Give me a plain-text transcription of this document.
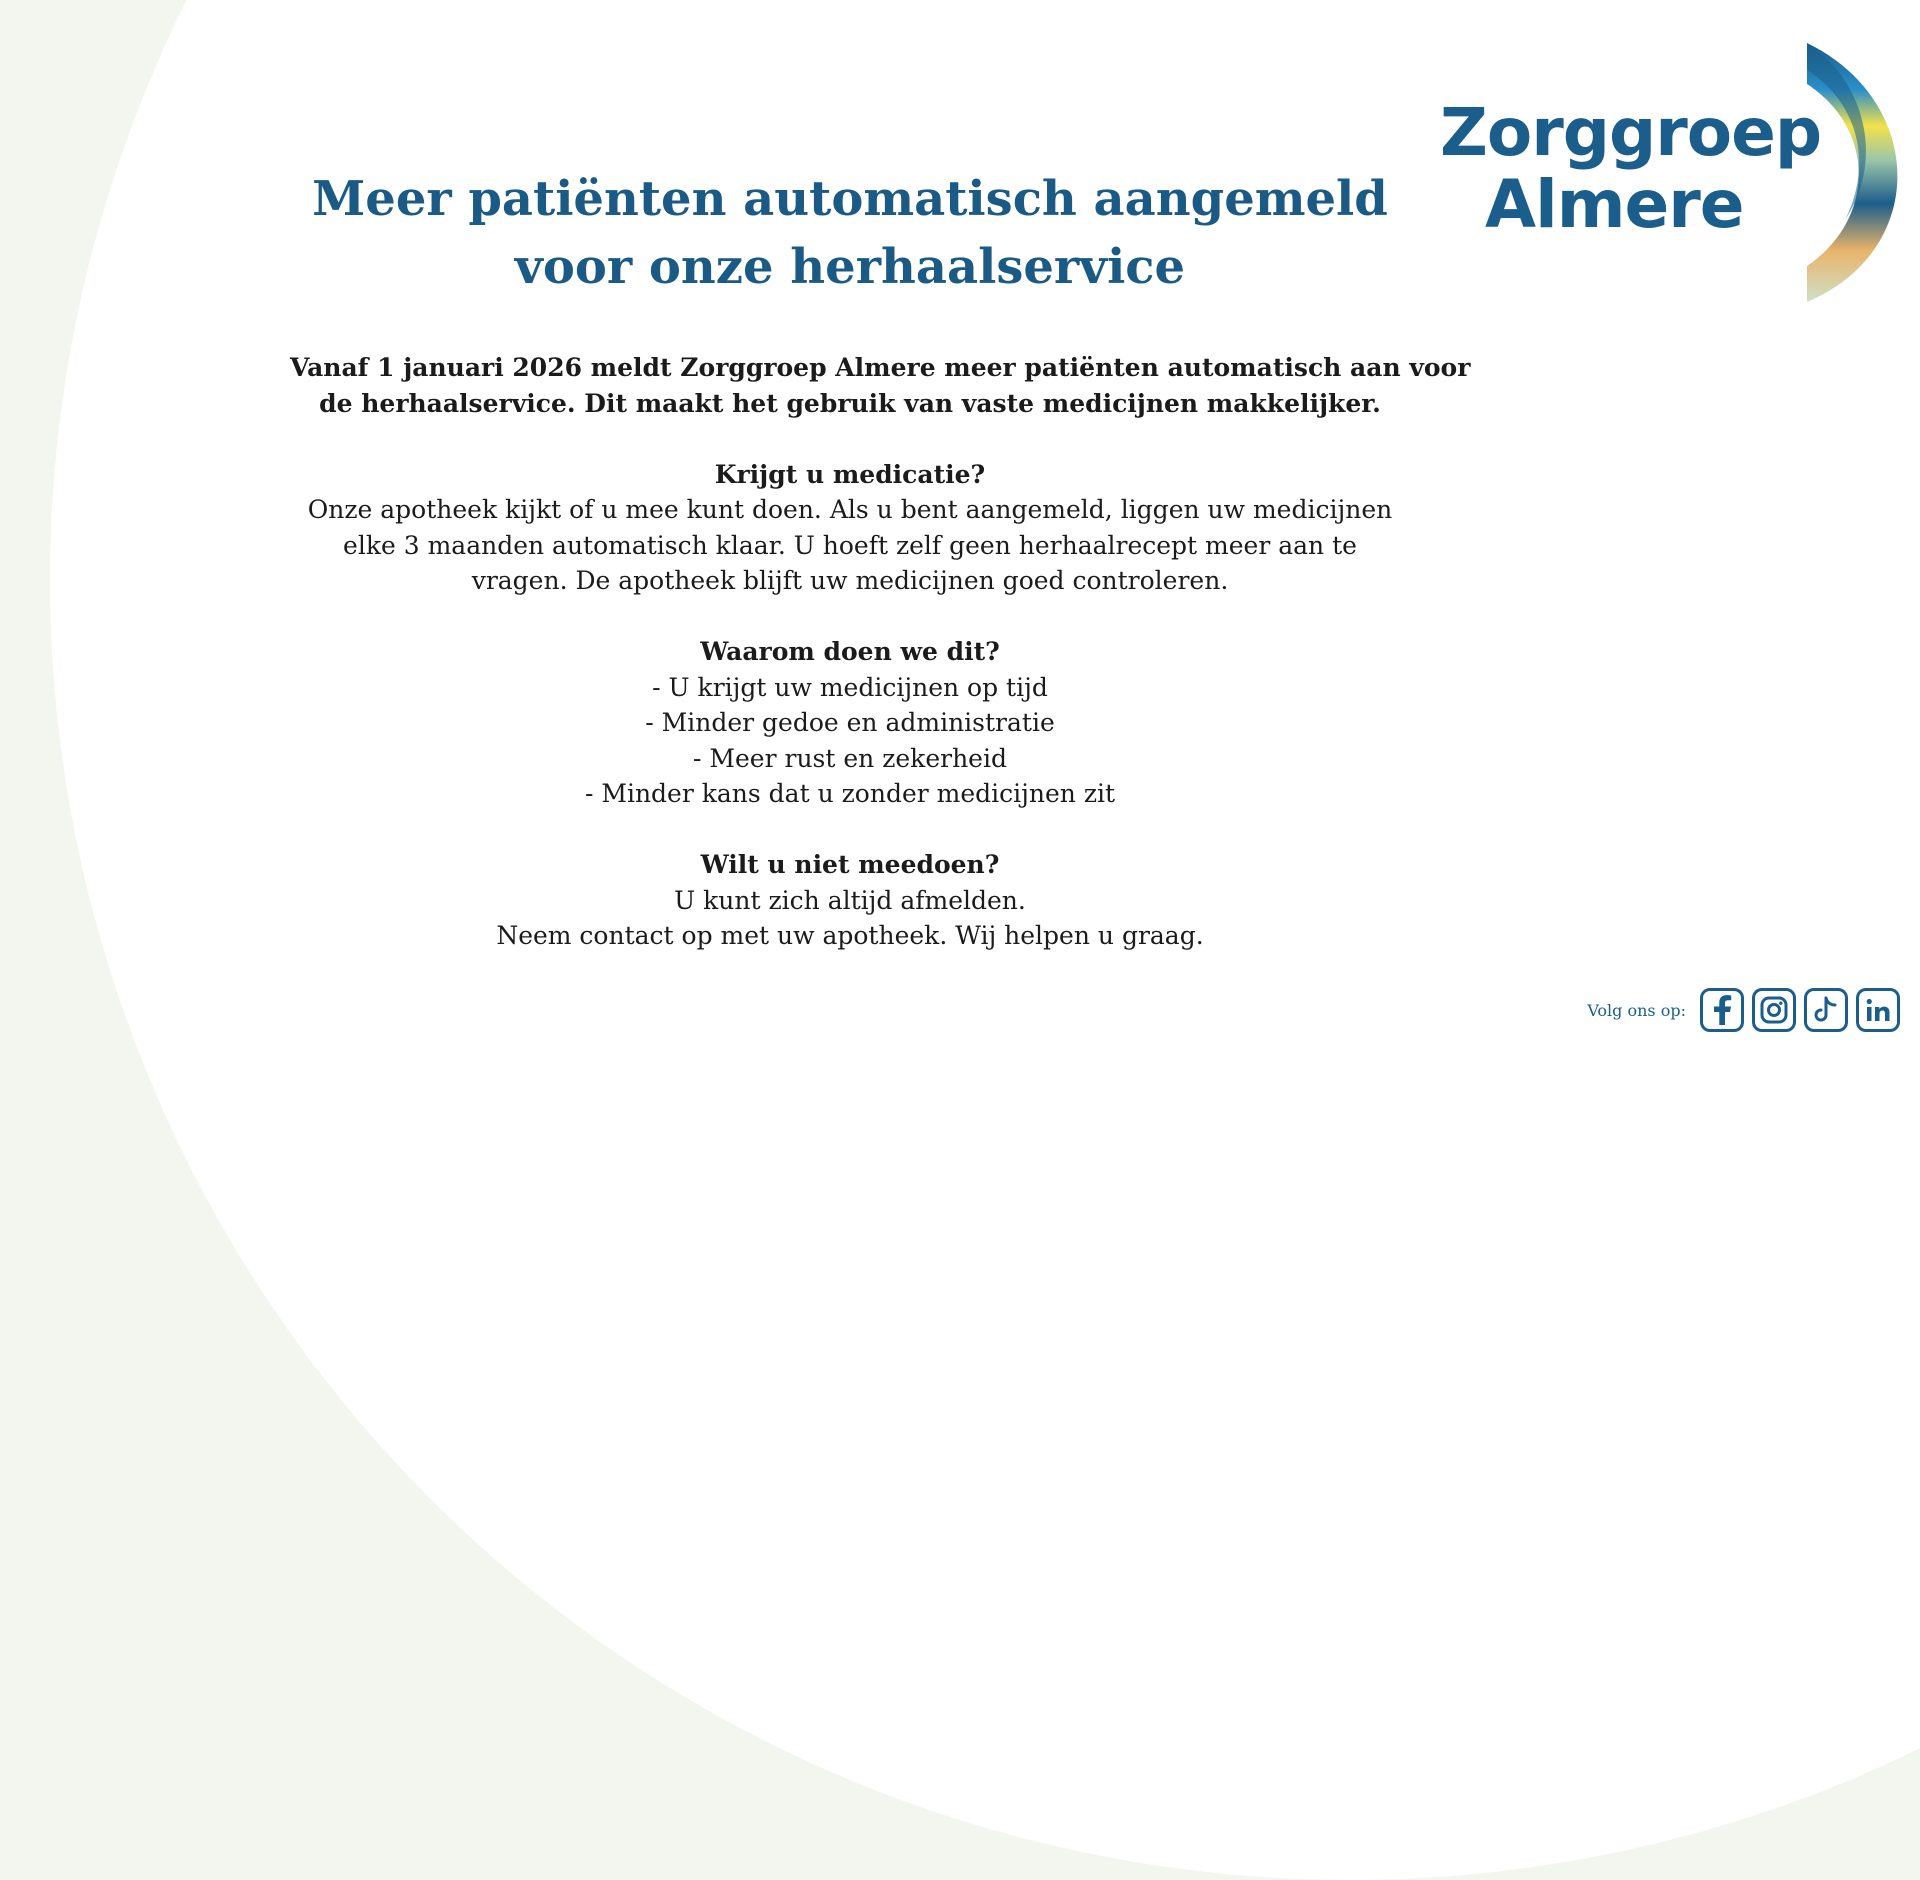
Meer patiënten automatisch aangemeld
voor onze herhaalservice
Vanaf 1 januari 2026 meldt Zorggroep Almere meer patiënten automatisch aan voor
de herhaalservice. Dit maakt het gebruik van vaste medicijnen makkelijker.
Krijgt u medicatie?
Onze apotheek kijkt of u mee kunt doen. Als u bent aangemeld, liggen uw medicijnen
elke 3 maanden automatisch klaar. U hoeft zelf geen herhaalrecept meer aan te
vragen. De apotheek blijft uw medicijnen goed controleren.
Waarom doen we dit?
- U krijgt uw medicijnen op tijd
- Minder gedoe en administratie
- Meer rust en zekerheid
- Minder kans dat u zonder medicijnen zit
Wilt u niet meedoen?
U kunt zich altijd afmelden.
Neem contact op met uw apotheek. Wij helpen u graag.
Zorggroep
Almere
Volg ons op:
